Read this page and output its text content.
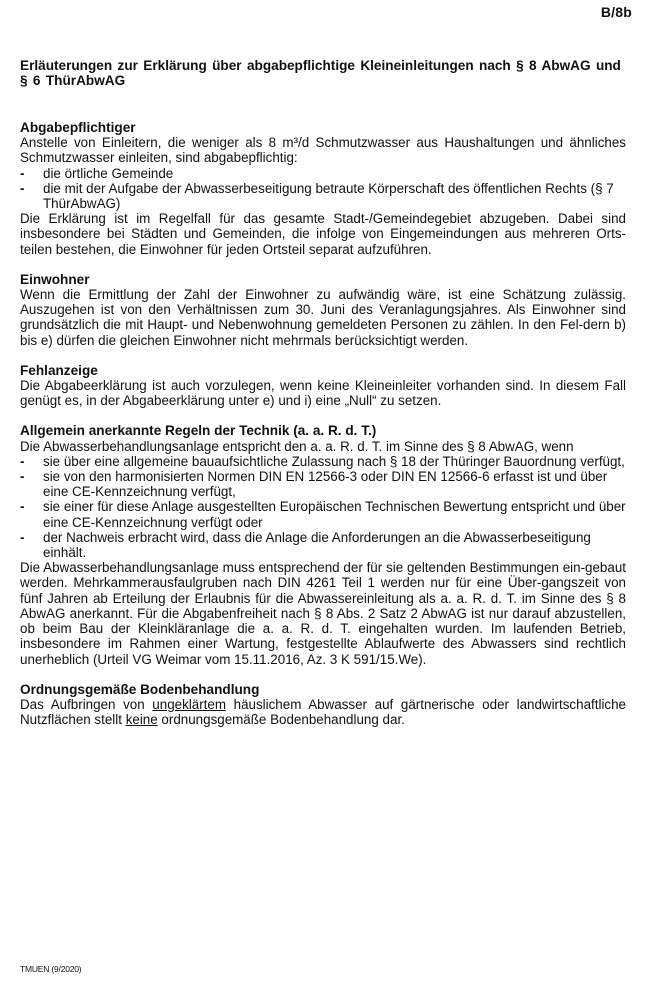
B/8b
Erläuterungen zur Erklärung über abgabepflichtige Kleineinleitungen nach § 8 AbwAG und § 6 ThürAbwAG
Abgabepflichtiger

Anstelle von Einleitern, die weniger als 8 m³/d Schmutzwasser aus Haushaltungen und ähnliches Schmutzwasser einleiten, sind abgabepflichtig:

- die örtliche Gemeinde
- die mit der Aufgabe der Abwasserbeseitigung betraute Körperschaft des öffentlichen Rechts (§ 7 ThürAbwAG)

Die Erklärung ist im Regelfall für das gesamte Stadt-/Gemeindegebiet abzugeben. Dabei sind insbesondere bei Städten und Gemeinden, die infolge von Eingemeindungen aus mehreren Orts-teilen bestehen, die Einwohner für jeden Ortsteil separat aufzuführen.

Einwohner

Wenn die Ermittlung der Zahl der Einwohner zu aufwändig wäre, ist eine Schätzung zulässig. Auszugehen ist von den Verhältnissen zum 30. Juni des Veranlagungsjahres. Als Einwohner sind grundsätzlich die mit Haupt- und Nebenwohnung gemeldeten Personen zu zählen. In den Fel-dern b) bis e) dürfen die gleichen Einwohner nicht mehrmals berücksichtigt werden.

Fehlanzeige

Die Abgabeerklärung ist auch vorzulegen, wenn keine Kleineinleiter vorhanden sind. In diesem Fall genügt es, in der Abgabeerklärung unter e) und i) eine „Null“ zu setzen.

Allgemein anerkannte Regeln der Technik (a. a. R. d. T.)

Die Abwasserbehandlungsanlage entspricht den a. a. R. d. T. im Sinne des § 8 AbwAG, wenn

- sie über eine allgemeine bauaufsichtliche Zulassung nach § 18 der Thüringer Bauordnung verfügt,
- sie von den harmonisierten Normen DIN EN 12566-3 oder DIN EN 12566-6 erfasst ist und über eine CE-Kennzeichnung verfügt,
- sie einer für diese Anlage ausgestellten Europäischen Technischen Bewertung entspricht und über eine CE-Kennzeichnung verfügt oder
- der Nachweis erbracht wird, dass die Anlage die Anforderungen an die Abwasserbeseitigung einhält.

Die Abwasserbehandlungsanlage muss entsprechend der für sie geltenden Bestimmungen ein-gebaut werden. Mehrkammerausfaulgruben nach DIN 4261 Teil 1 werden nur für eine Über-gangszeit von fünf Jahren ab Erteilung der Erlaubnis für die Abwassereinleitung als a. a. R. d. T. im Sinne des § 8 AbwAG anerkannt. Für die Abgabenfreiheit nach § 8 Abs. 2 Satz 2 AbwAG ist nur darauf abzustellen, ob beim Bau der Kleinkläranlage die a. a. R. d. T. eingehalten wurden. Im laufenden Betrieb, insbesondere im Rahmen einer Wartung, festgestellte Ablaufwerte des Abwassers sind rechtlich unerheblich (Urteil VG Weimar vom 15.11.2016, Az. 3 K 591/15.We).

Ordnungsgemäße Bodenbehandlung

Das Aufbringen von ungeklärtem häuslichem Abwasser auf gärtnerische oder landwirtschaftliche Nutzflächen stellt keine ordnungsgemäße Bodenbehandlung dar.

TMUEN (9/2020)
